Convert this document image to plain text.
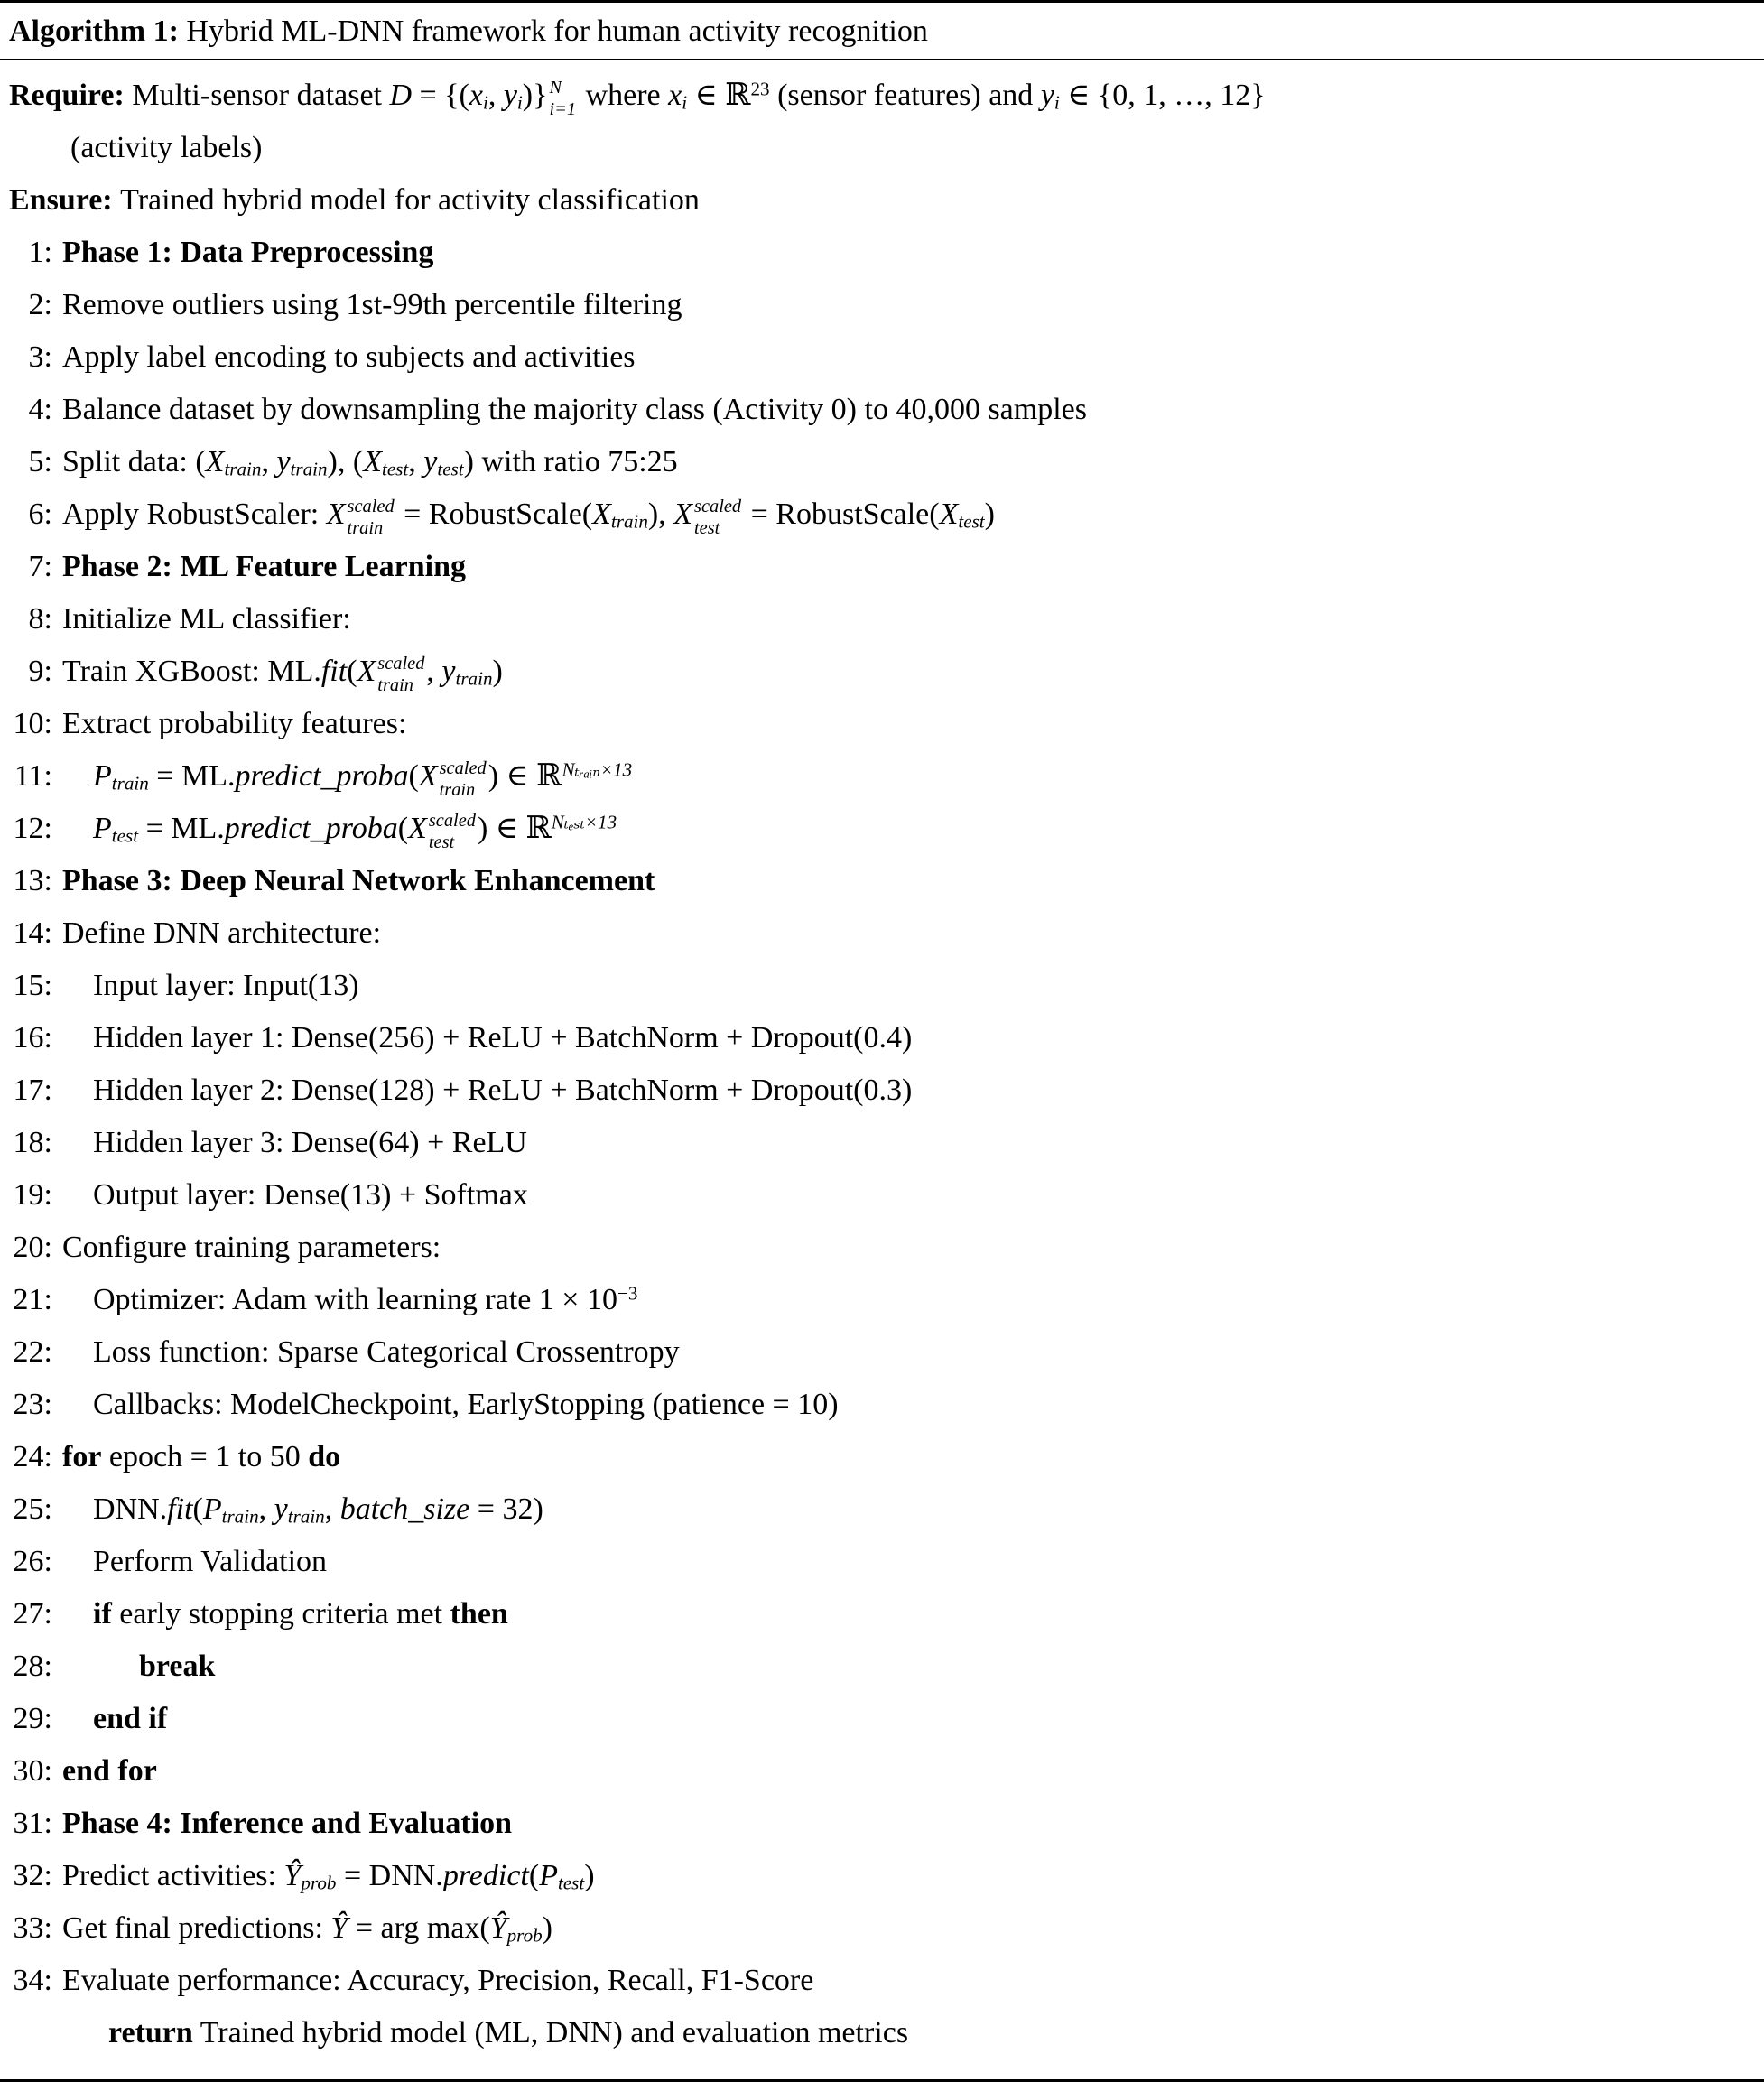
Algorithm 1: Hybrid ML-DNN framework for human activity recognition
Require: Multi-sensor dataset $D = \{(x_i$, $y_i$)} N
i=1 where $x_i$ ∈ ℝ$^{23}$ (sensor features) and $y_i$ ∈ {0, 1, …, 12}
(activity labels)
Ensure: Trained hybrid model for activity classification
1: Phase 1: Data Preprocessing
2: Remove outliers using 1st-99th percentile filtering
3: Apply label encoding to subjects and activities
4: Balance dataset by downsampling the majority class (Activity 0) to 40,000 samples
5: Split data: ($X_{train}$, $y_{train}$), ($X_{test}$, $y_{test}$) with ratio 75:25
6: Apply RobustScaler: X scaled
train = $RobustScale(X_{train})$, X scaled
test = $RobustScale(X_{test})$
7: Phase 2: ML Feature Learning
8: Initialize ML classifier:
9: Train XGBoost: ML.fit(X scaled
train , $y_{train}$)
10: Extract probability features:
11: $P_{train}$ = ML.predict_proba(X scaled
train ) ∈ ℝ$^{N_tᵣ_aᵢ_n\times 13}$
12: $P_{test}$ = ML.predict_proba(X scaled
test ) ∈ ℝ$^{N_{test}\times 13}$
13: Phase 3: Deep Neural Network Enhancement
14: Define DNN architecture:
15: Input layer: Input(13)
16: Hidden layer 1: Dense(256) + ReLU + BatchNorm + Dropout(0.4)
17: Hidden layer 2: Dense(128) + ReLU + BatchNorm + Dropout(0.3)
18: Hidden layer 3: Dense(64) + ReLU
19: Output layer: Dense(13) + Softmax
20: Configure training parameters:
21: Optimizer: Adam with learning rate $1 \times 10^{-3}$
22: Loss function: Sparse Categorical Crossentropy
23: Callbacks: ModelCheckpoint, EarlyStopping (patience = 10)
24: for epoch = 1 to 50 do
25: $DNN.fit(P_{train}$, $y_{train}$, batch_size = 32)
26: Perform Validation
27: if early stopping criteria met then
28:	break
29: end if
30: end for
31: Phase 4: Inference and Evaluation
32: Predict activities: $Ŷ_{prob}$ = $DNN.predict(P_{test})$
33: Get final predictions: Ŷ = arg $\max(Ŷ_{prob})$
34: Evaluate performance: Accuracy, Precision, Recall, F1-Score
return Trained hybrid model (ML, DNN) and evaluation metrics
